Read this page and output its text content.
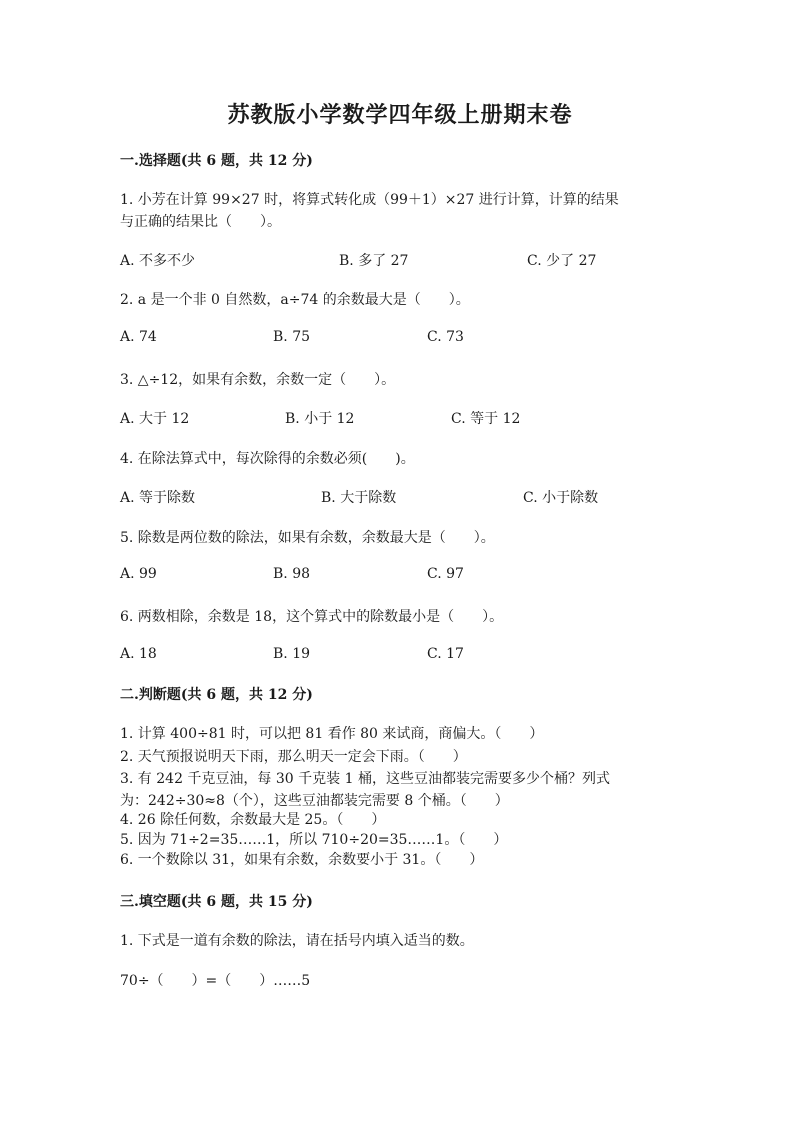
苏教版小学数学四年级上册期末卷
一.选择题(共 6 题，共 12 分)
1. 小芳在计算 99×27 时，将算式转化成（99＋1）×27 进行计算，计算的结果
与正确的结果比（　　）。
A. 不多不少	B. 多了 27	C. 少了 27
2. a 是一个非 0 自然数，a÷74 的余数最大是（　　）。
A. 74	B. 75	C. 73
3. △÷12，如果有余数，余数一定（　　）。
A. 大于 12	B. 小于 12	C. 等于 12
4. 在除法算式中，每次除得的余数必须(　　)。
A. 等于除数	B. 大于除数	C. 小于除数
5. 除数是两位数的除法，如果有余数，余数最大是（　　）。
A. 99	B. 98	C. 97
6. 两数相除，余数是 18，这个算式中的除数最小是（　　）。
A. 18	B. 19	C. 17
二.判断题(共 6 题，共 12 分)
1. 计算 400÷81 时，可以把 81 看作 80 来试商，商偏大。（　　）
2. 天气预报说明天下雨，那么明天一定会下雨。（　　）
3. 有 242 千克豆油，每 30 千克装 1 桶，这些豆油都装完需要多少个桶？列式
为：242÷30≈8（个），这些豆油都装完需要 8 个桶。（　　）
4. 26 除任何数，余数最大是 25。（　　）
5. 因为 71÷2=35……1，所以 710÷20=35……1。（　　）
6. 一个数除以 31，如果有余数，余数要小于 31。（　　）
三.填空题(共 6 题，共 15 分)
1. 下式是一道有余数的除法，请在括号内填入适当的数。
70÷（　　）=（　　）……5
